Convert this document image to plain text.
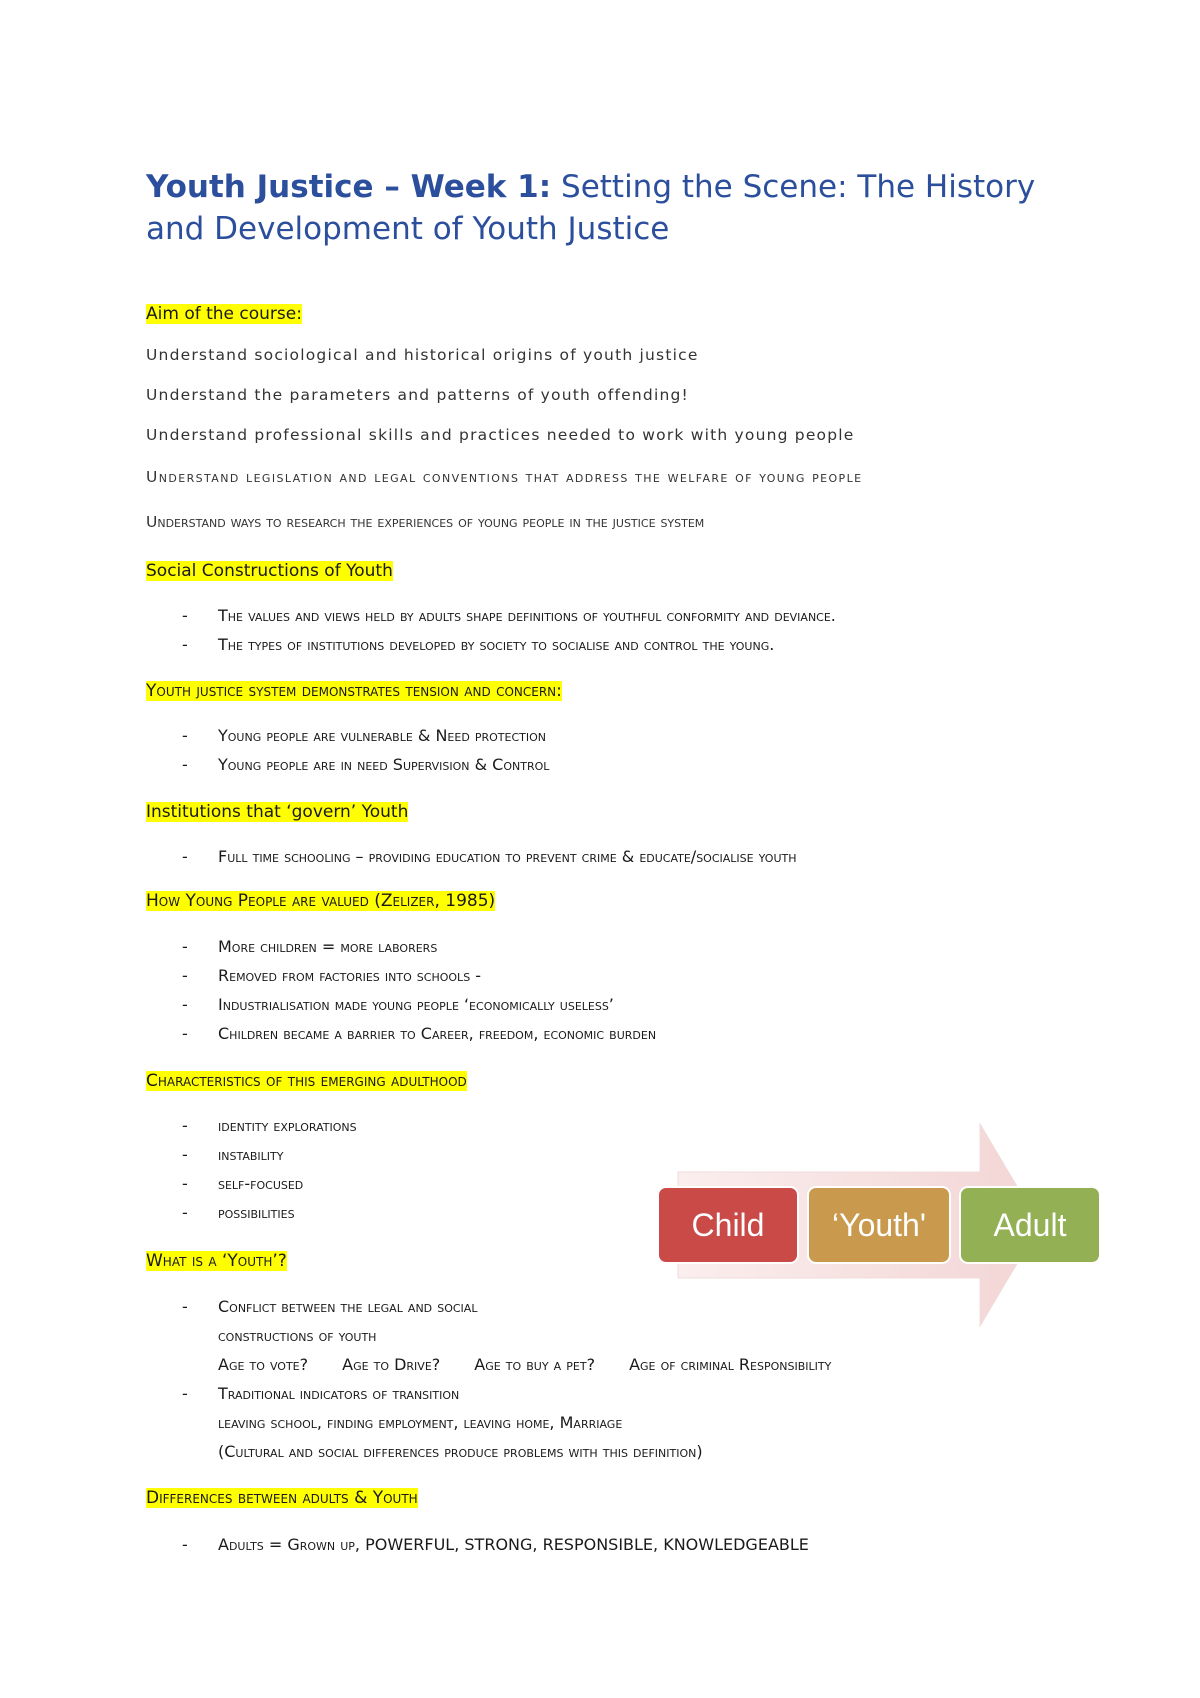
Youth Justice – Week 1: Setting the Scene: The History and Development of Youth Justice
Aim of the course:
Understand sociological and historical origins of youth justice
Understand the parameters and patterns of youth offending!
Understand professional skills and practices needed to work with young people
Understand legislation and legal conventions that address the welfare of young people
Understand ways to research the experiences of young people in the justice system
Social Constructions of Youth
- The values and views held by adults shape definitions of youthful conformity and deviance.
- The types of institutions developed by society to socialise and control the young.
Youth justice system demonstrates tension and concern:
- Young people are vulnerable & Need protection
- Young people are in need Supervision & Control
Institutions that ‘govern’ Youth
- Full time schooling – providing education to prevent crime & educate/socialise youth
How Young People are valued (Zelizer, 1985)
- More children = more laborers
- Removed from factories into schools -
- Industrialisation made young people ‘economically useless’
- Children became a barrier to Career, freedom, economic burden
Characteristics of this emerging adulthood
- identity explorations
- instability
- self-focused
- possibilities
What is a ‘Youth’?
- Conflict between the legal and social
constructions of youth
Age to vote? Age to Drive? Age to buy a pet? Age of criminal Responsibility
- Traditional indicators of transition
leaving school, finding employment, leaving home, Marriage
(Cultural and social differences produce problems with this definition)
Differences between adults & Youth
- Adults = Grown up, POWERFUL, STRONG, RESPONSIBLE, KNOWLEDGEABLE
Child ‘Youth' Adult
